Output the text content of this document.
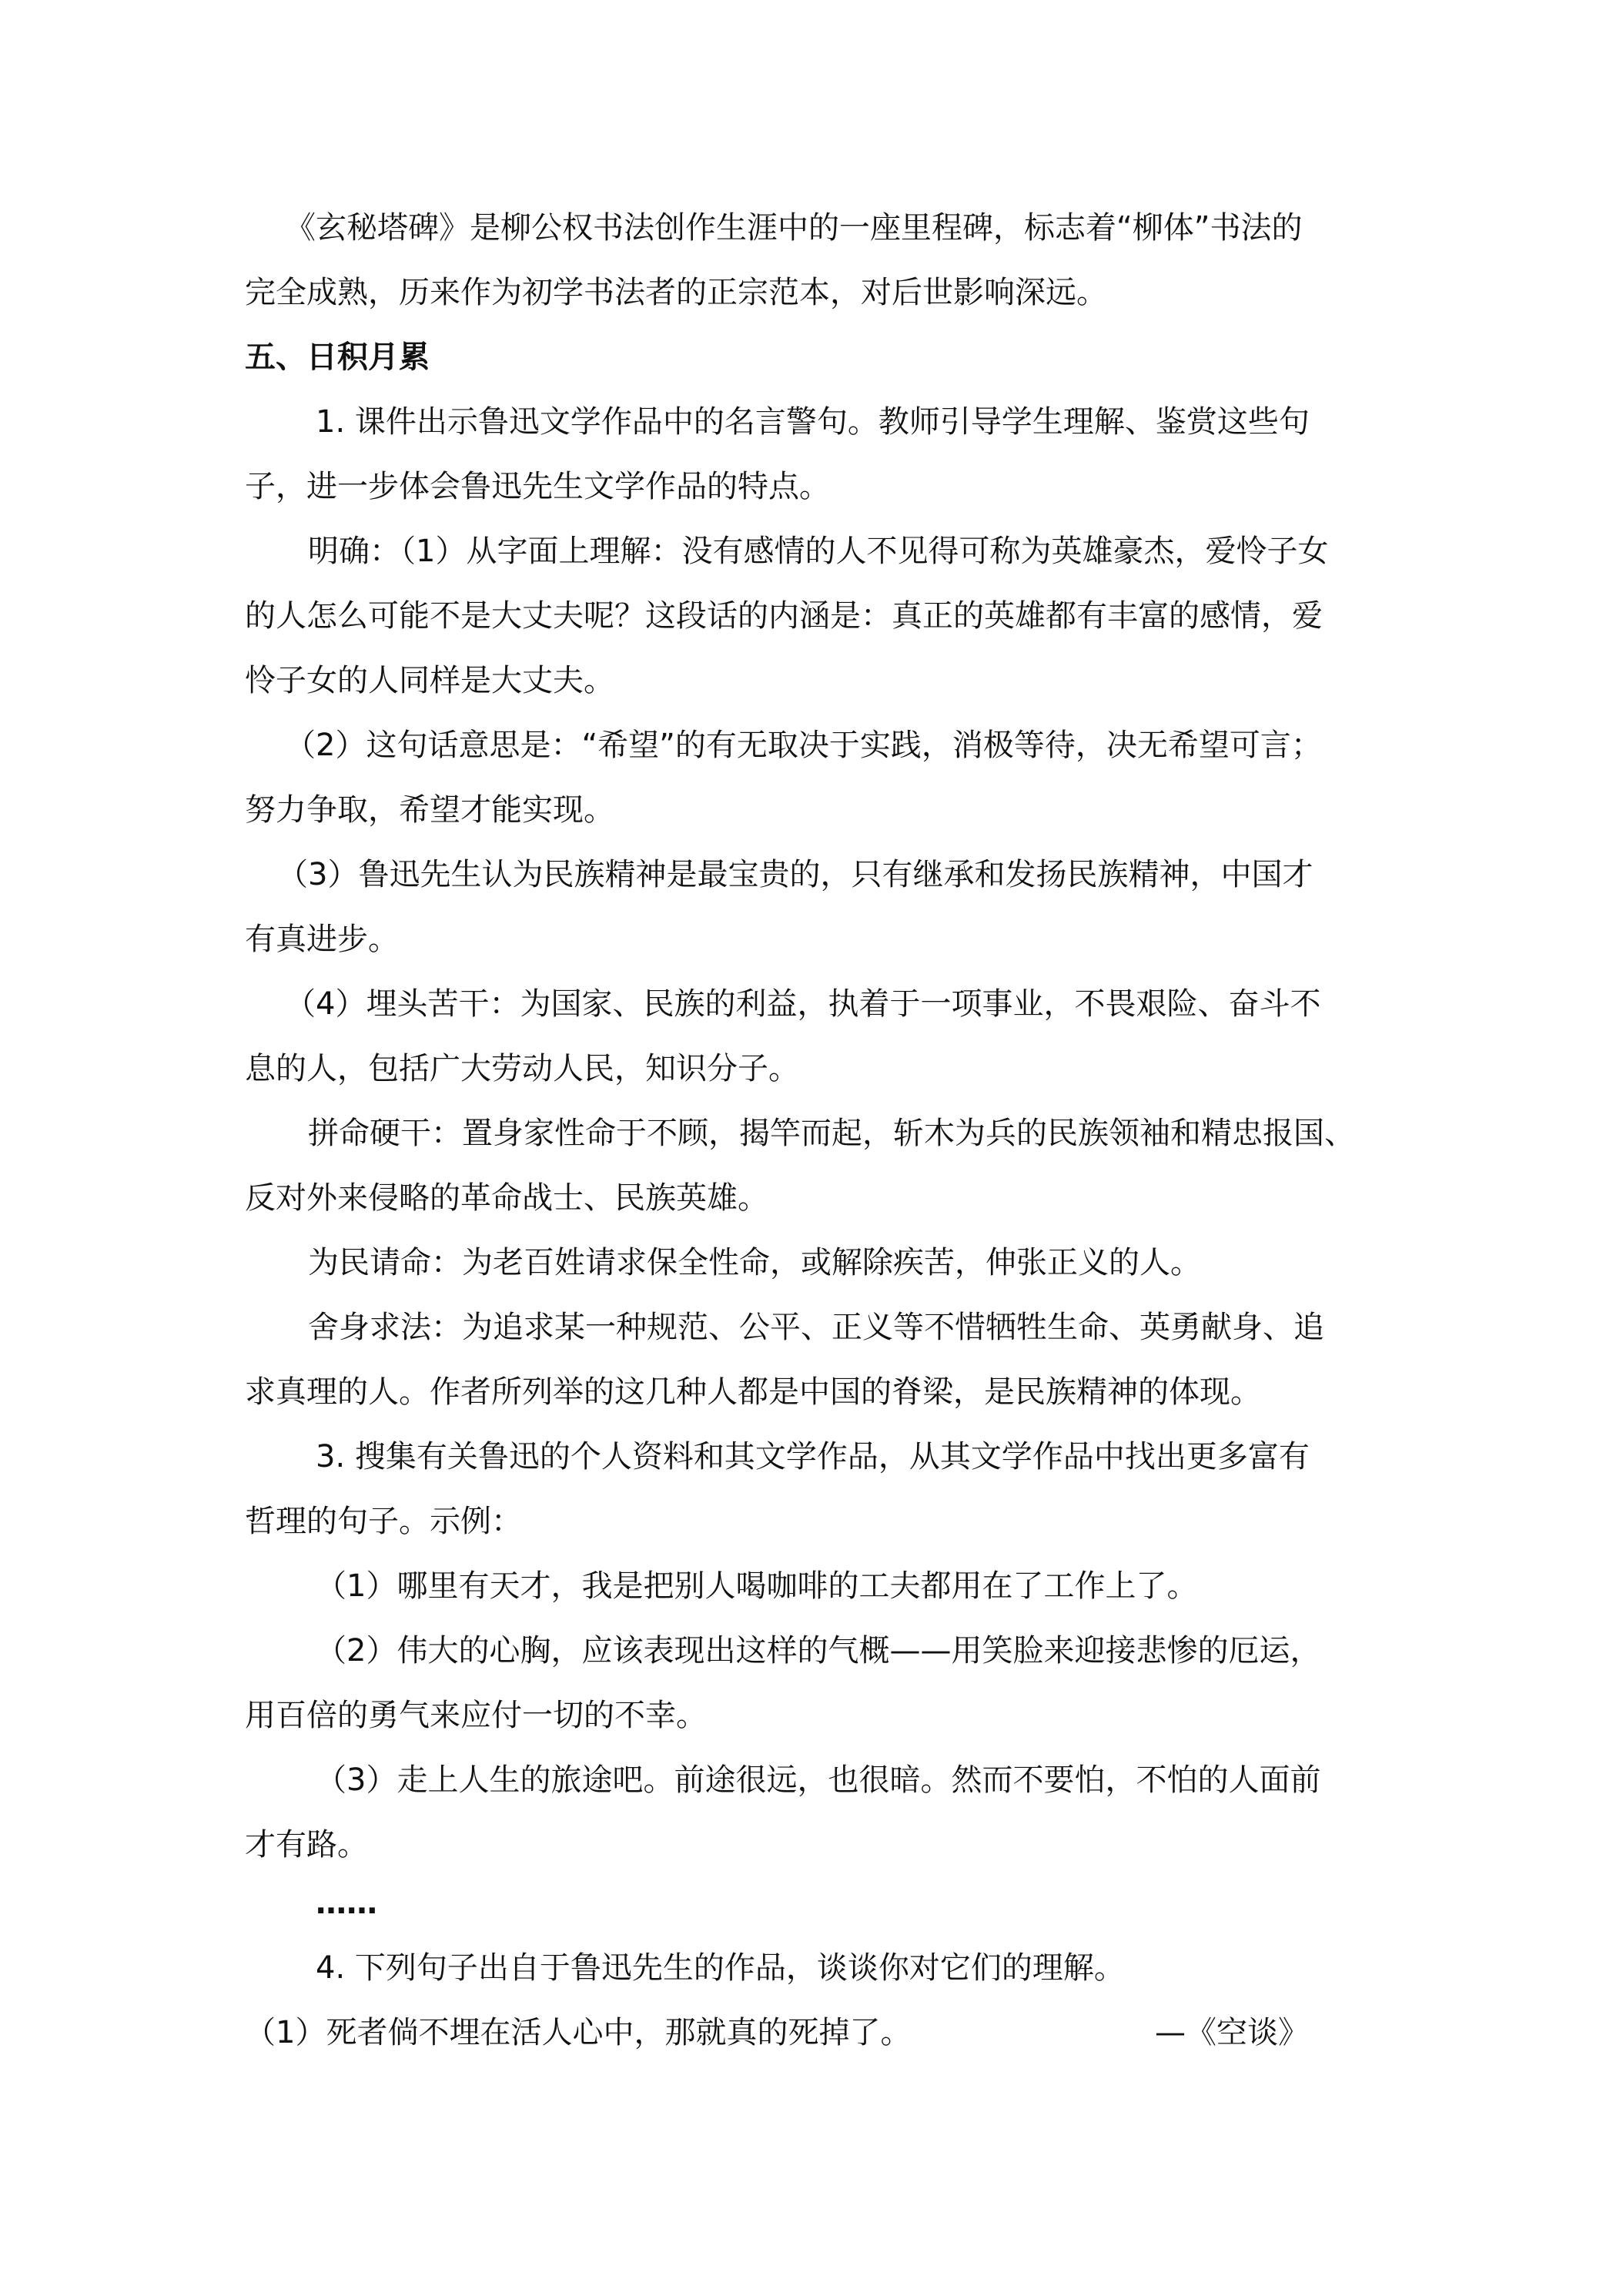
《玄秘塔碑》是柳公权书法创作生涯中的一座里程碑，标志着“柳体”书法的
完全成熟，历来作为初学书法者的正宗范本，对后世影响深远。
五、日积月累
1. 课件出示鲁迅文学作品中的名言警句。教师引导学生理解、鉴赏这些句
子，进一步体会鲁迅先生文学作品的特点。
明确：（1）从字面上理解：没有感情的人不见得可称为英雄豪杰，爱怜子女
的人怎么可能不是大丈夫呢？这段话的内涵是：真正的英雄都有丰富的感情，爱
怜子女的人同样是大丈夫。
（2）这句话意思是：“希望”的有无取决于实践，消极等待，决无希望可言；
努力争取，希望才能实现。
（3）鲁迅先生认为民族精神是最宝贵的，只有继承和发扬民族精神，中国才
有真进步。
（4）埋头苦干：为国家、民族的利益，执着于一项事业，不畏艰险、奋斗不
息的人，包括广大劳动人民，知识分子。
拼命硬干：置身家性命于不顾，揭竿而起，斩木为兵的民族领袖和精忠报国、
反对外来侵略的革命战士、民族英雄。
为民请命：为老百姓请求保全性命，或解除疾苦，伸张正义的人。
舍身求法：为追求某一种规范、公平、正义等不惜牺牲生命、英勇献身、追
求真理的人。作者所列举的这几种人都是中国的脊梁，是民族精神的体现。
3. 搜集有关鲁迅的个人资料和其文学作品，从其文学作品中找出更多富有
哲理的句子。示例：
（1）哪里有天才，我是把别人喝咖啡的工夫都用在了工作上了。
（2）伟大的心胸，应该表现出这样的气概——用笑脸来迎接悲惨的厄运，
用百倍的勇气来应付一切的不幸。
（3）走上人生的旅途吧。前途很远，也很暗。然而不要怕，不怕的人面前
才有路。
……
4. 下列句子出自于鲁迅先生的作品，谈谈你对它们的理解。
（1）死者倘不埋在活人心中，那就真的死掉了。	—《空谈》
